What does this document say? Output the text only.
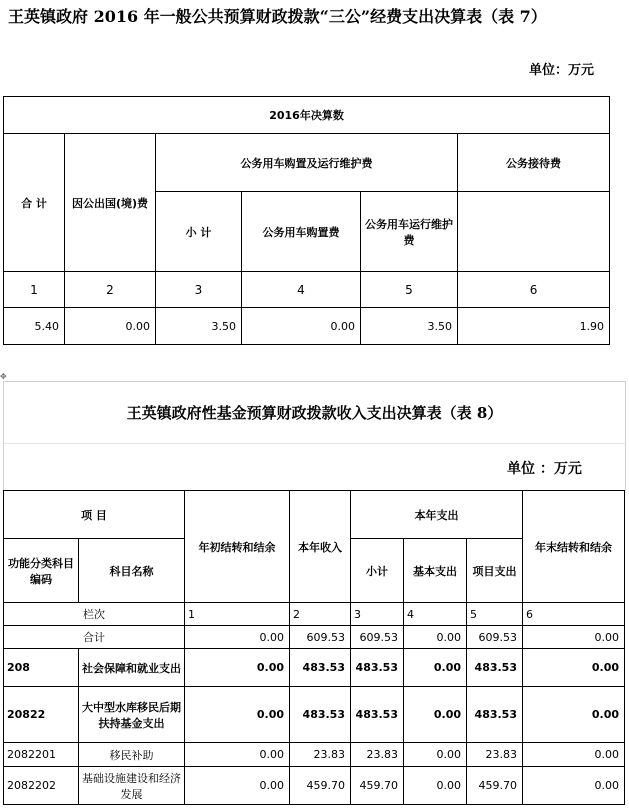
王英镇政府 2016 年一般公共预算财政拨款“三公”经费支出决算表（表 7）
单位：万元
2016年决算数					
合 计	因公出国(境)费	公务用车购置及运行维护费			公务接待费
		小 计	公务用车购置费	公务用车运行维护费	
1	2	3	4	5	6
5.40	0.00	3.50	0.00	3.50	1.90
✥
王英镇政府性基金预算财政拨款收入支出决算表（表 8）
单位 ：万元
项 目		年初结转和结余	本年收入	本年支出			年末结转和结余
功能分类科目编码	科目名称			小计	基本支出	项目支出	
栏次		1	2	3	4	5	6
合计		0.00	609.53	609.53	0.00	609.53	0.00
208	社会保障和就业支出	0.00	483.53	483.53	0.00	483.53	0.00
20822	大中型水库移民后期扶持基金支出	0.00	483.53	483.53	0.00	483.53	0.00
2082201	移民补助	0.00	23.83	23.83	0.00	23.83	0.00
2082202	基础设施建设和经济发展	0.00	459.70	459.70	0.00	459.70	0.00
